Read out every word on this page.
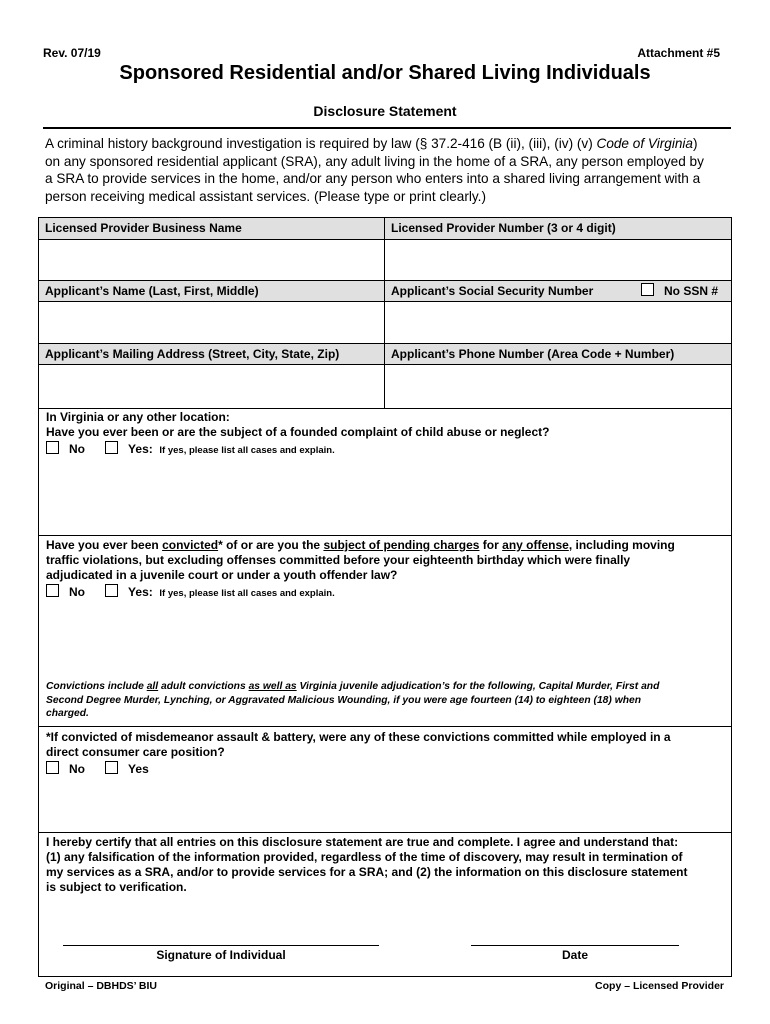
Rev. 07/19	Attachment #5
Sponsored Residential and/or Shared Living Individuals
Disclosure Statement
A criminal history background investigation is required by law (§ 37.2-416 (B (ii), (iii), (iv) (v) Code of Virginia)
on any sponsored residential applicant (SRA), any adult living in the home of a SRA, any person employed by
a SRA to provide services in the home, and/or any person who enters into a shared living arrangement with a
person receiving medical assistant services. (Please type or print clearly.)
Licensed Provider Business Name	Licensed Provider Number (3 or 4 digit)
Applicant’s Name (Last, First, Middle)	Applicant’s Social Security Number	No SSN #
Applicant’s Mailing Address (Street, City, State, Zip)	Applicant’s Phone Number (Area Code + Number)
In Virginia or any other location:
Have you ever been or are the subject of a founded complaint of child abuse or neglect?
No	Yes: If yes, please list all cases and explain.
Have you ever been convicted* of or are you the subject of pending charges for any offense, including moving
traffic violations, but excluding offenses committed before your eighteenth birthday which were finally
adjudicated in a juvenile court or under a youth offender law?
No	Yes: If yes, please list all cases and explain.
Convictions include all adult convictions as well as Virginia juvenile adjudication’s for the following, Capital Murder, First and
Second Degree Murder, Lynching, or Aggravated Malicious Wounding, if you were age fourteen (14) to eighteen (18) when
charged.
*If convicted of misdemeanor assault & battery, were any of these convictions committed while employed in a
direct consumer care position?
No	Yes
I hereby certify that all entries on this disclosure statement are true and complete. I agree and understand that:
(1) any falsification of the information provided, regardless of the time of discovery, may result in termination of
my services as a SRA, and/or to provide services for a SRA; and (2) the information on this disclosure statement
is subject to verification.
Signature of Individual	Date
Original – DBHDS’ BIU	Copy – Licensed Provider
